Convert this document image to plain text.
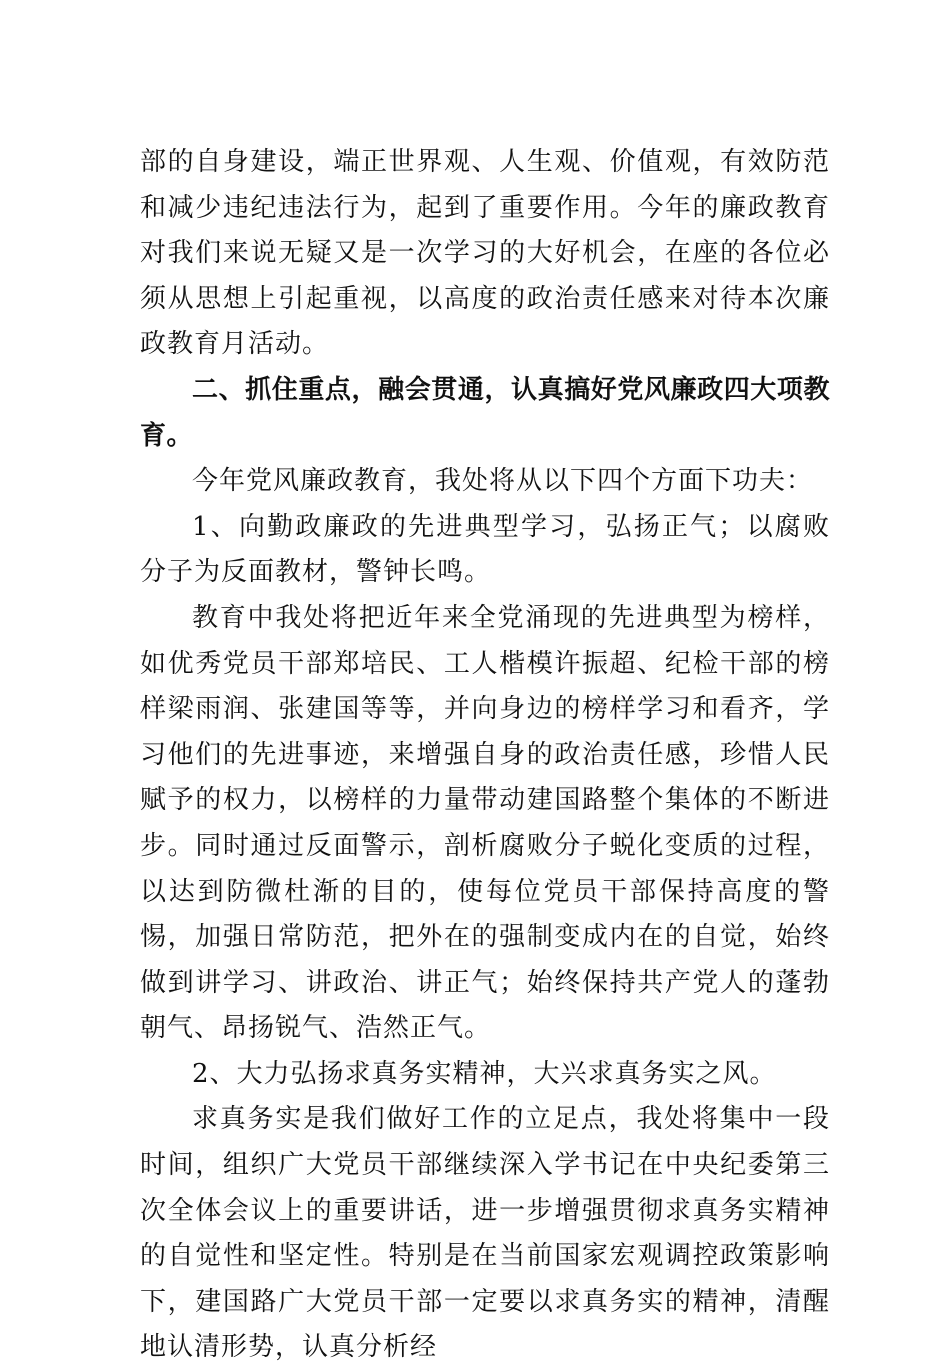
部的自身建设，端正世界观、人生观、价值观，有效防范和减少违纪违法行为，起到了重要作用。今年的廉政教育对我们来说无疑又是一次学习的大好机会，在座的各位必须从思想上引起重视，以高度的政治责任感来对待本次廉政教育月活动。

二、抓住重点，融会贯通，认真搞好党风廉政四大项教育。

今年党风廉政教育，我处将从以下四个方面下功夫：

1、向勤政廉政的先进典型学习，弘扬正气；以腐败分子为反面教材，警钟长鸣。

教育中我处将把近年来全党涌现的先进典型为榜样，如优秀党员干部郑培民、工人楷模许振超、纪检干部的榜样梁雨润、张建国等等，并向身边的榜样学习和看齐，学习他们的先进事迹，来增强自身的政治责任感，珍惜人民赋予的权力，以榜样的力量带动建国路整个集体的不断进步。同时通过反面警示，剖析腐败分子蜕化变质的过程，以达到防微杜渐的目的，使每位党员干部保持高度的警惕，加强日常防范，把外在的强制变成内在的自觉，始终做到讲学习、讲政治、讲正气；始终保持共产党人的蓬勃朝气、昂扬锐气、浩然正气。

2、大力弘扬求真务实精神，大兴求真务实之风。

求真务实是我们做好工作的立足点，我处将集中一段时间，组织广大党员干部继续深入学书记在中央纪委第三次全体会议上的重要讲话，进一步增强贯彻求真务实精神的自觉性和坚定性。特别是在当前国家宏观调控政策影响下，建国路广大党员干部一定要以求真务实的精神，清醒地认清形势，认真分析经
